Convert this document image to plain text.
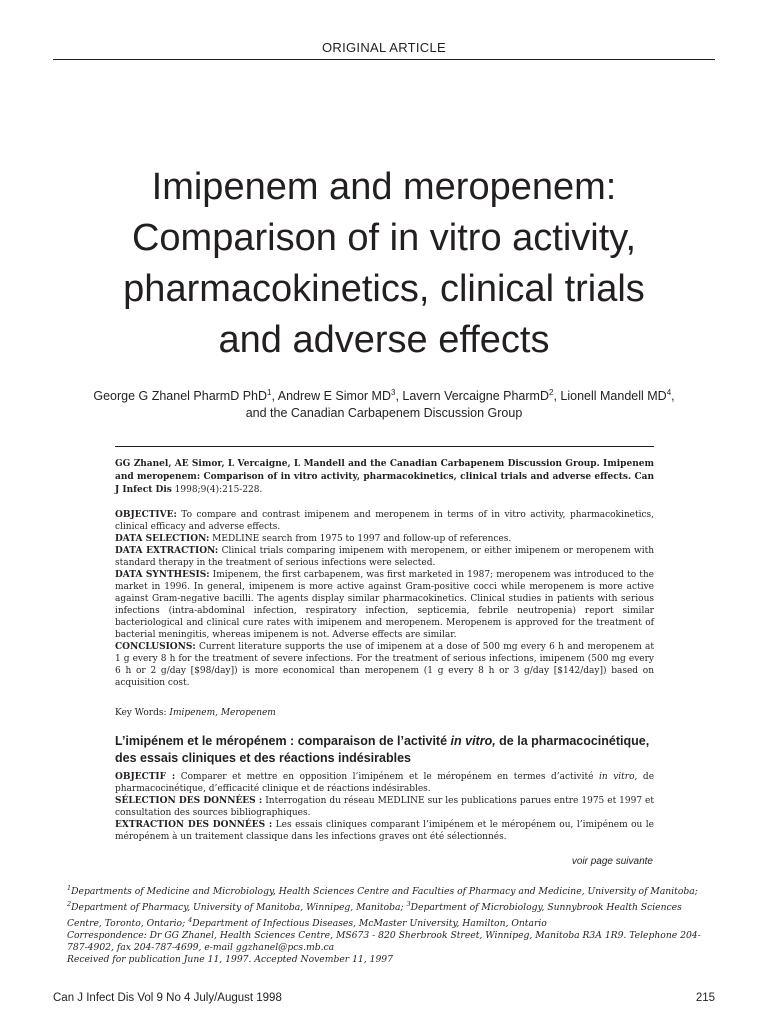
ORIGINAL ARTICLE
Imipenem and meropenem:
Comparison of in vitro activity,
pharmacokinetics, clinical trials
and adverse effects
George G Zhanel PharmD PhD$^1$, Andrew E Simor $MD^3$, Lavern Vercaigne PharmD$^2$, Lionell Mandell $MD^4$,
and the Canadian Carbapenem Discussion Group
GG Zhanel, AE Simor, L Vercaigne, L Mandell and the Canadian Carbapenem Discussion Group. Imipenem and meropenem: Comparison of in vitro activity, pharmacokinetics, clinical trials and adverse effects. Can J Infect Dis 1998;9(4):215-228.

OBJECTIVE: To compare and contrast imipenem and meropenem in terms of in vitro activity, pharmacokinetics, clinical efficacy and adverse effects.

DATA SELECTION: MEDLINE search from 1975 to 1997 and follow-up of references.

DATA EXTRACTION: Clinical trials comparing imipenem with meropenem, or either imipenem or meropenem with standard therapy in the treatment of serious infections were selected.

DATA SYNTHESIS: Imipenem, the first carbapenem, was first marketed in 1987; meropenem was introduced to the market in 1996. In general, imipenem is more active against Gram-positive cocci while meropenem is more active against Gram-negative bacilli. The agents display similar pharmacokinetics. Clinical studies in patients with serious infections (intra-abdominal infection, respiratory infection, septicemia, febrile neutropenia) report similar bacteriological and clinical cure rates with imipenem and meropenem. Meropenem is approved for the treatment of bacterial meningitis, whereas imipenem is not. Adverse effects are similar.

CONCLUSIONS: Current literature supports the use of imipenem at a dose of 500 mg every 6 h and meropenem at 1 g every 8 h for the treatment of severe infections. For the treatment of serious infections, imipenem (500 mg every 6 h or 2 g/day [$98/day]) is more economical than meropenem (1 g every 8 h or 3 g/day [$142/day]) based on acquisition cost.

Key Words: Imipenem, Meropenem
L’imipénem et le méropénem : comparaison de l’activité in vitro, de la pharmacocinétique, des essais cliniques et des réactions indésirables

OBJECTIF : Comparer et mettre en opposition l’imipénem et le méropénem en termes d’activité in vitro, de pharmacocinétique, d’efficacité clinique et de réactions indésirables.

SÉLECTION DES DONNÉES : Interrogation du réseau MEDLINE sur les publications parues entre 1975 et 1997 et consultation des sources bibliographiques.

EXTRACTION DES DONNÉES : Les essais cliniques comparant l’imipénem et le méropénem ou, l’imipénem ou le méropénem à un traitement classique dans les infections graves ont été sélectionnés.

voir page suivante

$^1$Departments of Medicine and Microbiology, Health Sciences Centre and Faculties of Pharmacy and Medicine, University of Manitoba; $^2$Department of Pharmacy, University of Manitoba, Winnipeg, Manitoba; $^3$Department of Microbiology, Sunnybrook Health Sciences Centre, Toronto, Ontario; $^4$Department of Infectious Diseases, McMaster University, Hamilton, Ontario

Correspondence: Dr GG Zhanel, Health Sciences Centre, MS673 - 820 Sherbrook Street, Winnipeg, Manitoba R3A 1R9. Telephone 204-787-4902, fax 204-787-4699, e-mail ggzhanel@pcs.mb.ca

Received for publication June 11, 1997. Accepted November 11, 1997

Can J Infect Dis Vol 9 No 4 July/August 1998	215
